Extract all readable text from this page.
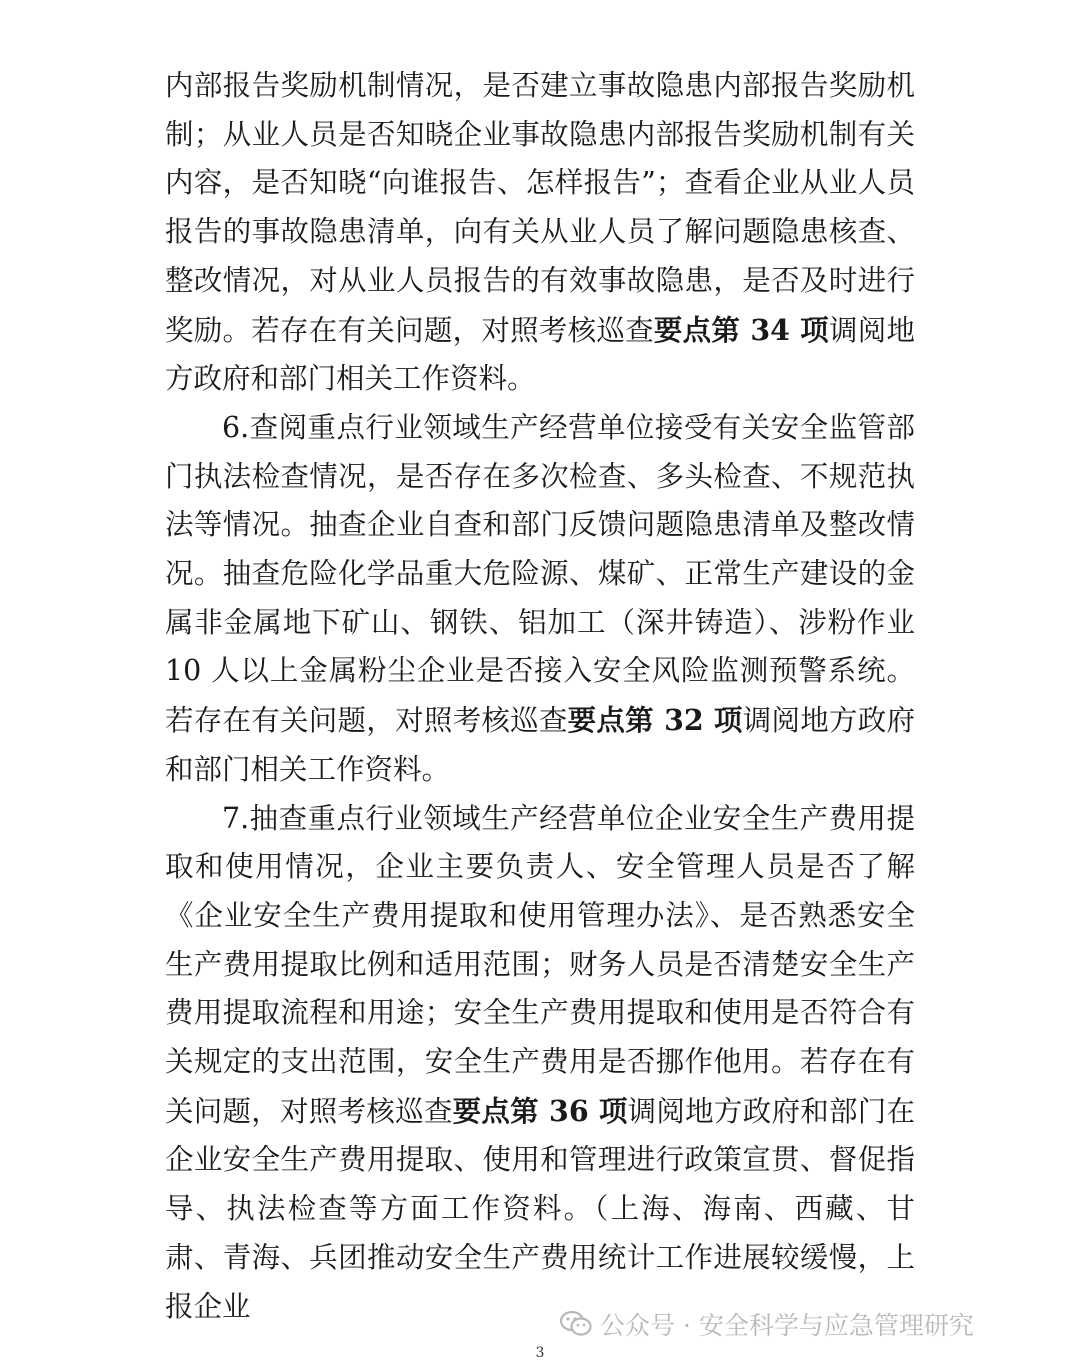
内部报告奖励机制情况，是否建立事故隐患内部报告奖励机制；从业人员是否知晓企业事故隐患内部报告奖励机制有关内容，是否知晓“向谁报告、怎样报告”；查看企业从业人员报告的事故隐患清单，向有关从业人员了解问题隐患核查、整改情况，对从业人员报告的有效事故隐患，是否及时进行奖励。若存在有关问题，对照考核巡查要点第 34 项调阅地方政府和部门相关工作资料。

6.查阅重点行业领域生产经营单位接受有关安全监管部门执法检查情况，是否存在多次检查、多头检查、不规范执法等情况。抽查企业自查和部门反馈问题隐患清单及整改情况。抽查危险化学品重大危险源、煤矿、正常生产建设的金属非金属地下矿山、钢铁、铝加工（深井铸造）、涉粉作业 10 人以上金属粉尘企业是否接入安全风险监测预警系统。若存在有关问题，对照考核巡查要点第 32 项调阅地方政府和部门相关工作资料。

7.抽查重点行业领域生产经营单位企业安全生产费用提取和使用情况，企业主要负责人、安全管理人员是否了解《企业安全生产费用提取和使用管理办法》、是否熟悉安全生产费用提取比例和适用范围；财务人员是否清楚安全生产费用提取流程和用途；安全生产费用提取和使用是否符合有关规定的支出范围，安全生产费用是否挪作他用。若存在有关问题，对照考核巡查要点第 36 项调阅地方政府和部门在企业安全生产费用提取、使用和管理进行政策宣贯、督促指导、执法检查等方面工作资料。（上海、海南、西藏、甘肃、青海、兵团推动安全生产费用统计工作进展较缓慢，上报企业

公众号 · 安全科学与应急管理研究
3
